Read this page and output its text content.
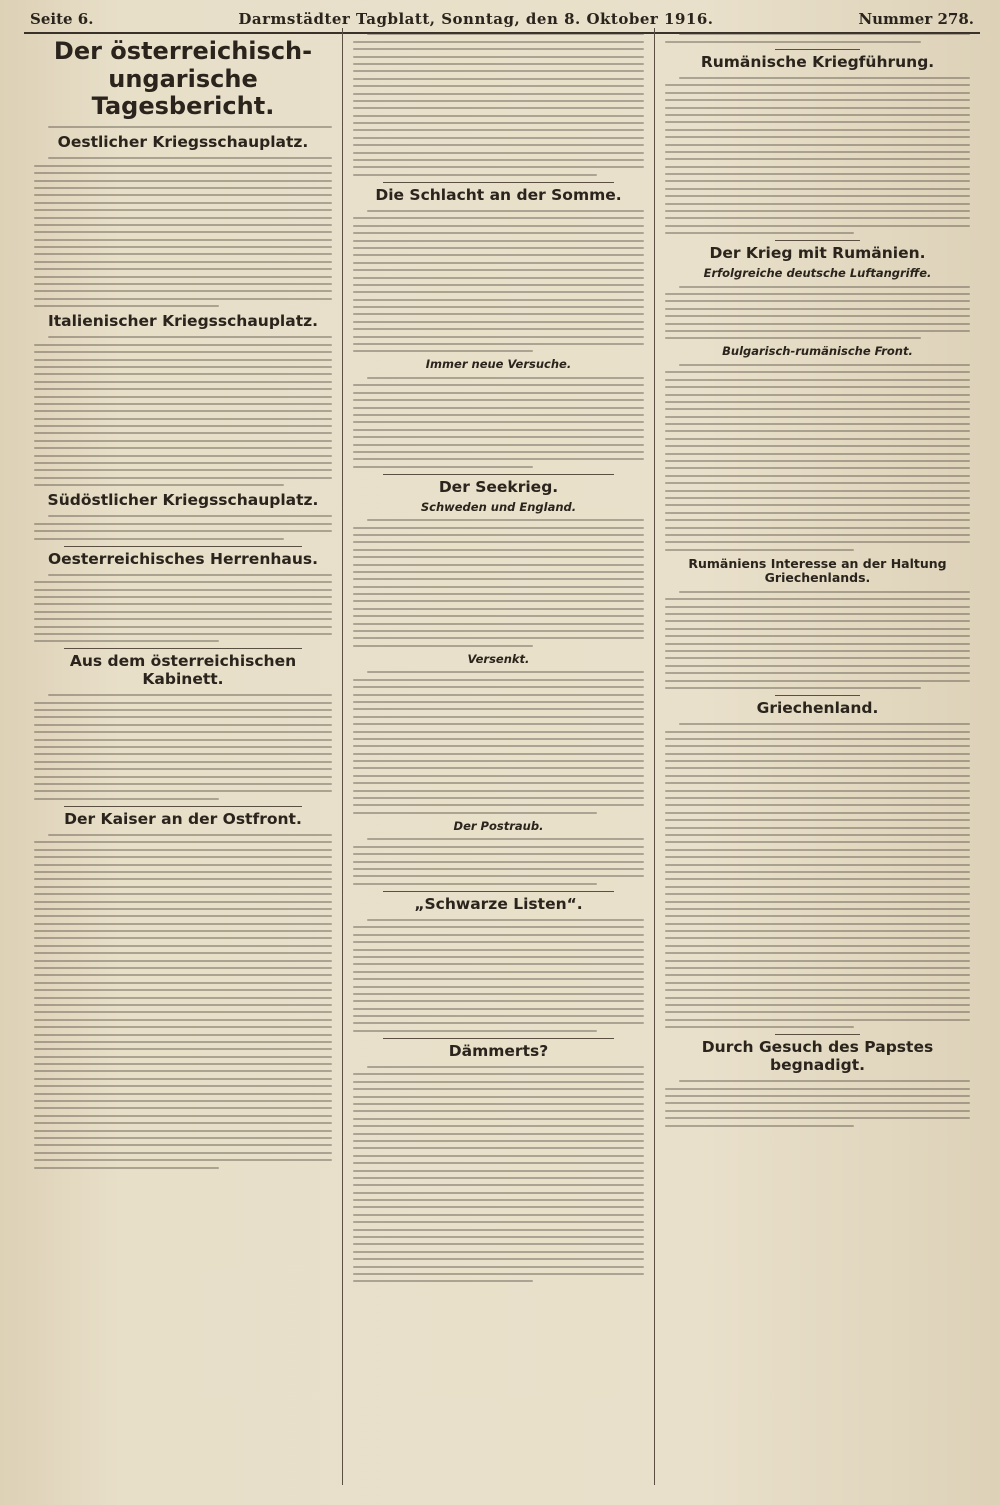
Seite 6.	Darmstädter Tagblatt, Sonntag, den 8. Oktober 1916.	Nummer 278.
Der österreichisch-ungarische Tagesbericht.
Oestlicher Kriegsschauplatz.
Italienischer Kriegsschauplatz.
Südöstlicher Kriegsschauplatz.
Oesterreichisches Herrenhaus.
Aus dem österreichischen Kabinett.
Der Kaiser an der Ostfront.
Die Schlacht an der Somme.
Immer neue Versuche.
Der Seekrieg.
Schweden und England.
Versenkt.
Der Postraub.
„Schwarze Listen“.
Dämmerts?
Rumänische Kriegführung.
Der Krieg mit Rumänien.
Erfolgreiche deutsche Luftangriffe.
Bulgarisch-rumänische Front.
Rumäniens Interesse an der Haltung Griechenlands.
Griechenland.
Durch Gesuch des Papstes begnadigt.
